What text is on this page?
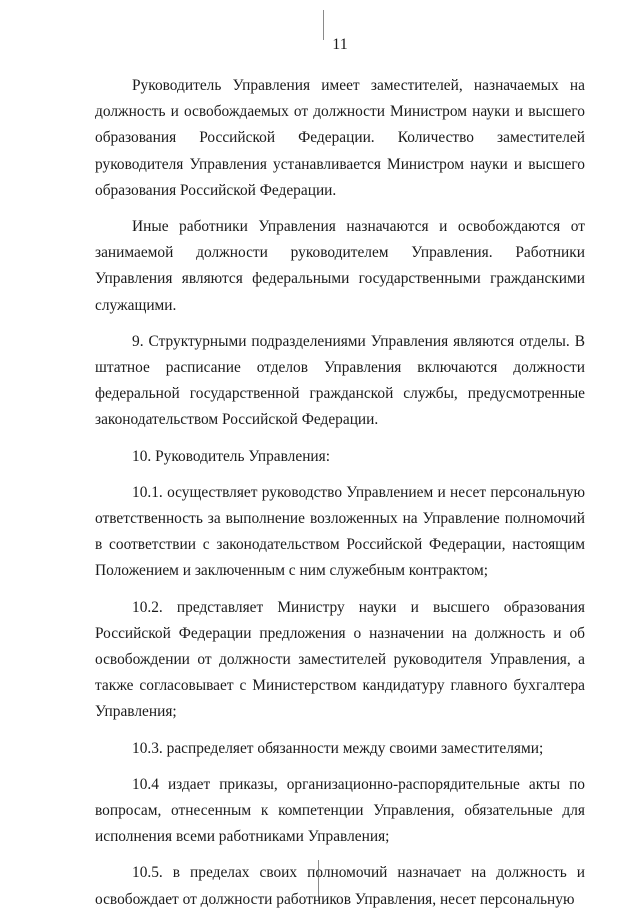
11

Руководитель Управления имеет заместителей, назначаемых на должность и освобождаемых от должности Министром науки и высшего образования Российской Федерации. Количество заместителей руководителя Управления устанавливается Министром науки и высшего образования Российской Федерации.

Иные работники Управления назначаются и освобождаются от занимаемой должности руководителем Управления. Работники Управления являются федеральными государственными гражданскими служащими.

9. Структурными подразделениями Управления являются отделы. В штатное расписание отделов Управления включаются должности федеральной государственной гражданской службы, предусмотренные законодательством Российской Федерации.

10. Руководитель Управления:

10.1. осуществляет руководство Управлением и несет персональную ответственность за выполнение возложенных на Управление полномочий в соответствии с законодательством Российской Федерации, настоящим Положением и заключенным с ним служебным контрактом;

10.2. представляет Министру науки и высшего образования Российской Федерации предложения о назначении на должность и об освобождении от должности заместителей руководителя Управления, а также согласовывает с Министерством кандидатуру главного бухгалтера Управления;

10.3. распределяет обязанности между своими заместителями;

10.4 издает приказы, организационно-распорядительные акты по вопросам, отнесенным к компетенции Управления, обязательные для исполнения всеми работниками Управления;

10.5. в пределах своих полномочий назначает на должность и освобождает от должности работников Управления, несет персональную
